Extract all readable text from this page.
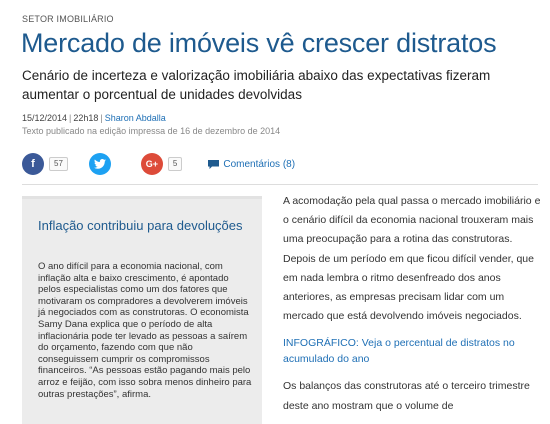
SETOR IMOBILIÁRIO
Mercado de imóveis vê crescer distratos
Cenário de incerteza e valorização imobiliária abaixo das expectativas fizeram aumentar o porcentual de unidades devolvidas
15/12/2014 | 22h18 | Sharon Abdalla
Texto publicado na edição impressa de 16 de dezembro de 2014
f	57	G+	5	Comentários (8)
Inflação contribuiu para devoluções
O ano difícil para a economia nacional, com inflação alta e baixo crescimento, é apontado pelos especialistas como um dos fatores que motivaram os compradores a devolverem imóveis já negociados com as construtoras. O economista Samy Dana explica que o período de alta inflacionária pode ter levado as pessoas a saírem do orçamento, fazendo com que não conseguissem cumprir os compromissos financeiros. “As pessoas estão pagando mais pelo arroz e feijão, com isso sobra menos dinheiro para outras prestações”, afirma.

A acomodação pela qual passa o mercado imobiliário e o cenário difícil da economia nacional trouxeram mais uma preocupação para a rotina das construtoras. Depois de um período em que ficou difícil vender, que em nada lembra o ritmo desenfreado dos anos anteriores, as empresas precisam lidar com um mercado que está devolvendo imóveis negociados.

INFOGRÁFICO: Veja o percentual de distratos no acumulado do ano

Os balanços das construtoras até o terceiro trimestre deste ano mostram que o volume de
